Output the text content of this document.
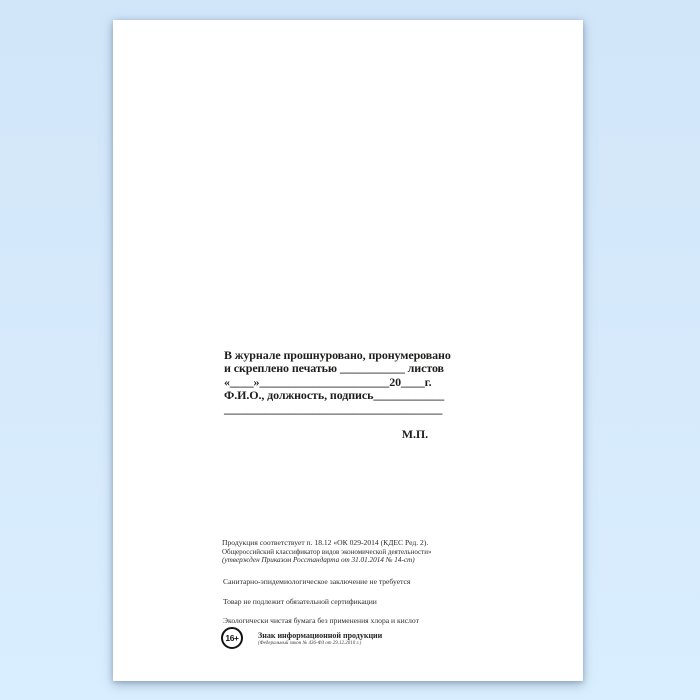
В журнале прошнуровано, пронумеровано
и скреплено печатью ___________ листов
«____»______________________20____г.
Ф.И.О., должность, подпись____________
_____________________________________
М.П.
Продукция соответствует п. 18.12 «ОК 029-2014 (КДЕС Ред. 2).
Общероссийский классификатор видов экономической деятельности»
(утвержден Приказом Росстандарта от 31.01.2014 № 14-ст)
Санитарно-эпидемиологическое заключение не требуется
Товар не подлежит обязательной сертификации
Экологически чистая бумага без применения хлора и кислот
16+	Знак информационной продукции
(Федеральный закон № 436-ФЗ от 29.12.2010 г.)
